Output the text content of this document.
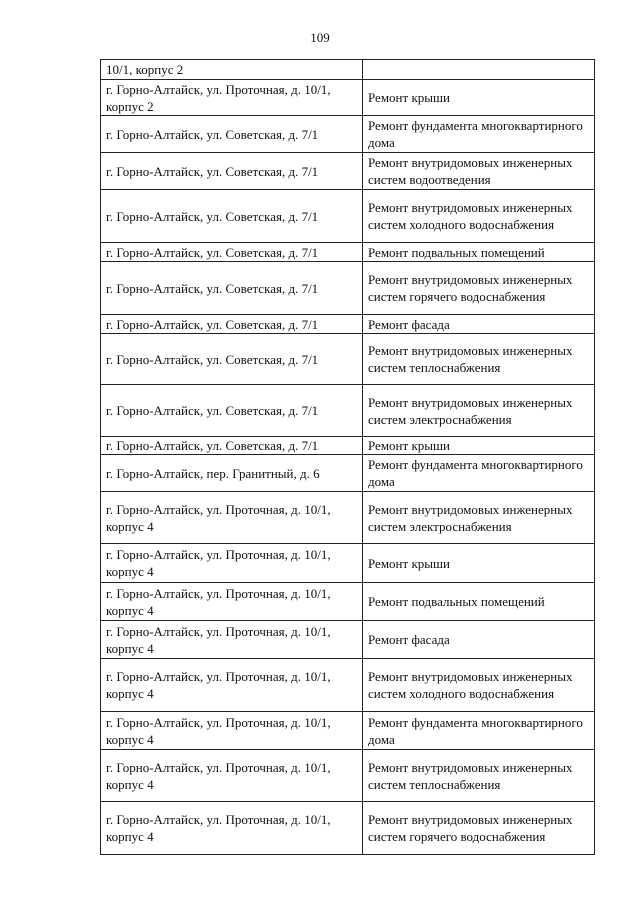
109
10/1, корпус 2	
г. Горно-Алтайск, ул. Проточная, д. 10/1, корпус 2	Ремонт крыши
г. Горно-Алтайск, ул. Советская, д. 7/1	Ремонт фундамента многоквартирного дома
г. Горно-Алтайск, ул. Советская, д. 7/1	Ремонт внутридомовых инженерных систем водоотведения
г. Горно-Алтайск, ул. Советская, д. 7/1	Ремонт внутридомовых инженерных систем холодного водоснабжения
г. Горно-Алтайск, ул. Советская, д. 7/1	Ремонт подвальных помещений
г. Горно-Алтайск, ул. Советская, д. 7/1	Ремонт внутридомовых инженерных систем горячего водоснабжения
г. Горно-Алтайск, ул. Советская, д. 7/1	Ремонт фасада
г. Горно-Алтайск, ул. Советская, д. 7/1	Ремонт внутридомовых инженерных систем теплоснабжения
г. Горно-Алтайск, ул. Советская, д. 7/1	Ремонт внутридомовых инженерных систем электроснабжения
г. Горно-Алтайск, ул. Советская, д. 7/1	Ремонт крыши
г. Горно-Алтайск, пер. Гранитный, д. 6	Ремонт фундамента многоквартирного дома
г. Горно-Алтайск, ул. Проточная, д. 10/1, корпус 4	Ремонт внутридомовых инженерных систем электроснабжения
г. Горно-Алтайск, ул. Проточная, д. 10/1, корпус 4	Ремонт крыши
г. Горно-Алтайск, ул. Проточная, д. 10/1, корпус 4	Ремонт подвальных помещений
г. Горно-Алтайск, ул. Проточная, д. 10/1, корпус 4	Ремонт фасада
г. Горно-Алтайск, ул. Проточная, д. 10/1, корпус 4	Ремонт внутридомовых инженерных систем холодного водоснабжения
г. Горно-Алтайск, ул. Проточная, д. 10/1, корпус 4	Ремонт фундамента многоквартирного дома
г. Горно-Алтайск, ул. Проточная, д. 10/1, корпус 4	Ремонт внутридомовых инженерных систем теплоснабжения
г. Горно-Алтайск, ул. Проточная, д. 10/1, корпус 4	Ремонт внутридомовых инженерных систем горячего водоснабжения
